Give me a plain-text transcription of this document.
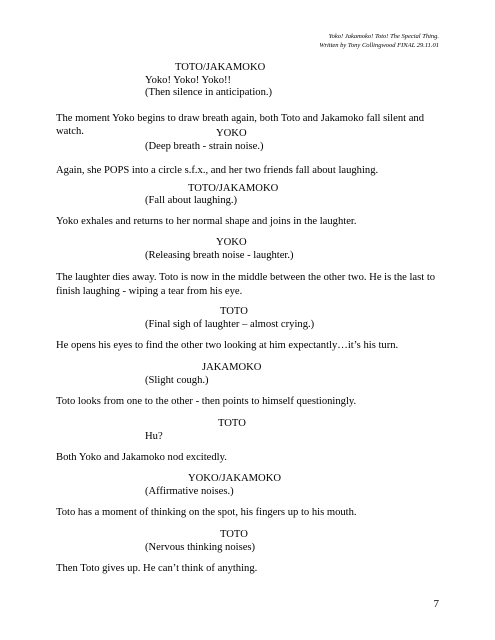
Yoko! Jakamoko! Toto! The Special Thing.
Written by Tony Collingwood FINAL 29.11.01
TOTO/JAKAMOKO
Yoko! Yoko! Yoko!!
(Then silence in anticipation.)
The moment Yoko begins to draw breath again, both Toto and Jakamoko fall silent and watch.	YOKO
(Deep breath - strain noise.)
Again, she POPS into a circle s.f.x., and her two friends fall about laughing.
TOTO/JAKAMOKO
(Fall about laughing.)
Yoko exhales and returns to her normal shape and joins in the laughter.
YOKO
(Releasing breath noise - laughter.)
The laughter dies away. Toto is now in the middle between the other two. He is the last to finish laughing - wiping a tear from his eye.
TOTO
(Final sigh of laughter – almost crying.)
He opens his eyes to find the other two looking at him expectantly…it’s his turn.
JAKAMOKO
(Slight cough.)
Toto looks from one to the other - then points to himself questioningly.
TOTO
Hu?
Both Yoko and Jakamoko nod excitedly.
YOKO/JAKAMOKO
(Affirmative noises.)
Toto has a moment of thinking on the spot, his fingers up to his mouth.
TOTO
(Nervous thinking noises)
Then Toto gives up. He can’t think of anything.
7
